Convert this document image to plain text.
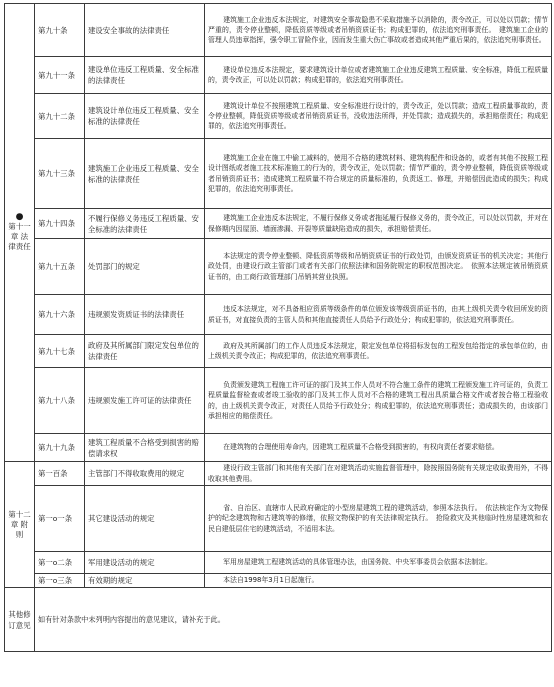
●
第十一章 法律责任	第九十条	建设安全事故的法律责任	建筑施工企业违反本法规定，对建筑安全事故隐患不采取措施予以消除的，责令改正，可以处以罚款；情节严重的，责令停业整顿，降低资质等级或者吊销资质证书；构成犯罪的，依法追究刑事责任。　建筑施工企业的管理人员违章指挥，强令职工冒险作业，因而发生重大伤亡事故或者造成其他严重后果的，依法追究刑事责任。
	第九十一条	建设单位违反工程质量、安全标准的法律责任	建设单位违反本法规定，要求建筑设计单位或者建筑施工企业违反建筑工程质量、安全标准，降低工程质量的，责令改正，可以处以罚款；构成犯罪的，依法追究刑事责任。
	第九十二条	建筑设计单位违反工程质量、安全标准的法律责任	建筑设计单位不按照建筑工程质量、安全标准进行设计的，责令改正，处以罚款；造成工程质量事故的，责令停业整顿，降低资质等级或者吊销资质证书，没收违法所得，并处罚款；造成损失的，承担赔偿责任；构成犯罪的，依法追究刑事责任。
	第九十三条	建筑施工企业违反工程质量、安全标准的法律责任	建筑施工企业在施工中偷工减料的，使用不合格的建筑材料、建筑构配件和设备的，或者有其他不按照工程设计图纸或者施工技术标准施工的行为的，责令改正，处以罚款；情节严重的，责令停业整顿，降低资质等级或者吊销资质证书；造成建筑工程质量不符合规定的质量标准的，负责返工、修理，并赔偿因此造成的损失；构成犯罪的，依法追究刑事责任。
	第九十四条	不履行保修义务违反工程质量、安全标准的法律责任	建筑施工企业违反本法规定，不履行保修义务或者拖延履行保修义务的，责令改正，可以处以罚款，并对在保修期内因屋顶、墙面渗漏、开裂等质量缺陷造成的损失，承担赔偿责任。
	第九十五条	处罚部门的规定	本法规定的责令停业整顿、降低资质等级和吊销资质证书的行政处罚，由颁发资质证书的机关决定；其他行政处罚，由建设行政主管部门或者有关部门依照法律和国务院规定的职权范围决定。　依照本法规定被吊销资质证书的，由工商行政管理部门吊销其营业执照。
	第九十六条	违规颁发资质证书的法律责任	违反本法规定，对不具备相应资质等级条件的单位颁发该等级资质证书的，由其上级机关责令收回所发的资质证书，对直接负责的主管人员和其他直接责任人员给予行政处分；构成犯罪的，依法追究刑事责任。
	第九十七条	政府及其所属部门限定发包单位的法律责任	政府及其所属部门的工作人员违反本法规定，限定发包单位将招标发包的工程发包给指定的承包单位的，由上级机关责令改正；构成犯罪的，依法追究刑事责任。
	第九十八条	违规颁发施工许可证的法律责任	负责颁发建筑工程施工许可证的部门及其工作人员对不符合施工条件的建筑工程颁发施工许可证的，负责工程质量监督检查或者竣工验收的部门及其工作人员对不合格的建筑工程出具质量合格文件或者按合格工程验收的，由上级机关责令改正，对责任人员给予行政处分；构成犯罪的，依法追究刑事责任；造成损失的，由该部门承担相应的赔偿责任。
	第九十九条	建筑工程质量不合格受到损害的赔偿请求权	在建筑物的合理使用寿命内，因建筑工程质量不合格受到损害的，有权向责任者要求赔偿。
第十二章 附则	第一百条	主管部门不得收取费用的规定	建设行政主管部门和其他有关部门在对建筑活动实施监督管理中，除按照国务院有关规定收取费用外，不得收取其他费用。
	第一o一条	其它建设活动的规定	省、自治区、直辖市人民政府确定的小型房屋建筑工程的建筑活动，参照本法执行。　依法核定作为文物保护的纪念建筑物和古建筑等的修缮，依照文物保护的有关法律规定执行。　抢险救灾及其他临时性房屋建筑和农民自建低层住宅的建筑活动，不适用本法。
	第一o二条	军用建设活动的规定	军用房屋建筑工程建筑活动的具体管理办法，由国务院、中央军事委员会依据本法制定。
	第一o三条	有效期的规定	本法自1998年3月1日起施行。
其他修订意见	如有针对条款中未列明内容提出的意见建议，请补充于此。		
